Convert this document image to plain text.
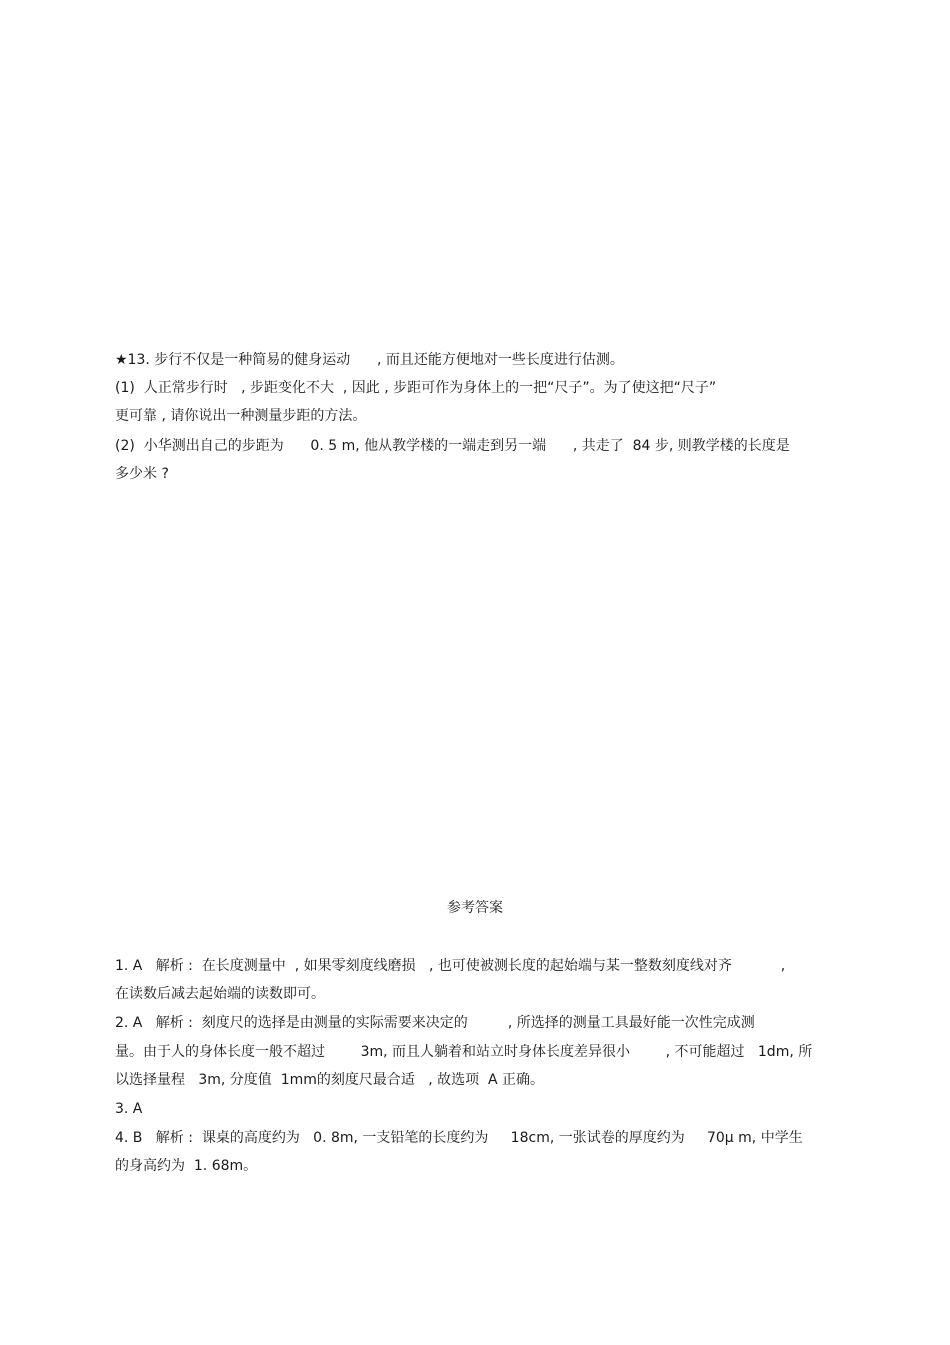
★13. 步行不仅是一种简易的健身运动      , 而且还能方便地对一些长度进行估测。
(1)  人正常步行时   , 步距变化不大  , 因此 , 步距可作为身体上的一把“尺子”。为了使这把“尺子”
更可靠 , 请你说出一种测量步距的方法。
(2)  小华测出自己的步距为      0. 5 m, 他从教学楼的一端走到另一端      , 共走了  84 步, 则教学楼的长度是
多少米 ?
参考答案
1. A   解析 :  在长度测量中  , 如果零刻度线磨损   , 也可使被测长度的起始端与某一整数刻度线对齐           ,
在读数后减去起始端的读数即可。
2. A   解析 :  刻度尺的选择是由测量的实际需要来决定的         , 所选择的测量工具最好能一次性完成测
量。由于人的身体长度一般不超过        3m, 而且人躺着和站立时身体长度差异很小        , 不可能超过   1dm, 所
以选择量程   3m, 分度值  1mm的刻度尺最合适   , 故选项  A 正确。
3. A
4. B   解析 :  课桌的高度约为   0. 8m, 一支铅笔的长度约为     18cm, 一张试卷的厚度约为     70μ m, 中学生
的身高约为  1. 68m。
